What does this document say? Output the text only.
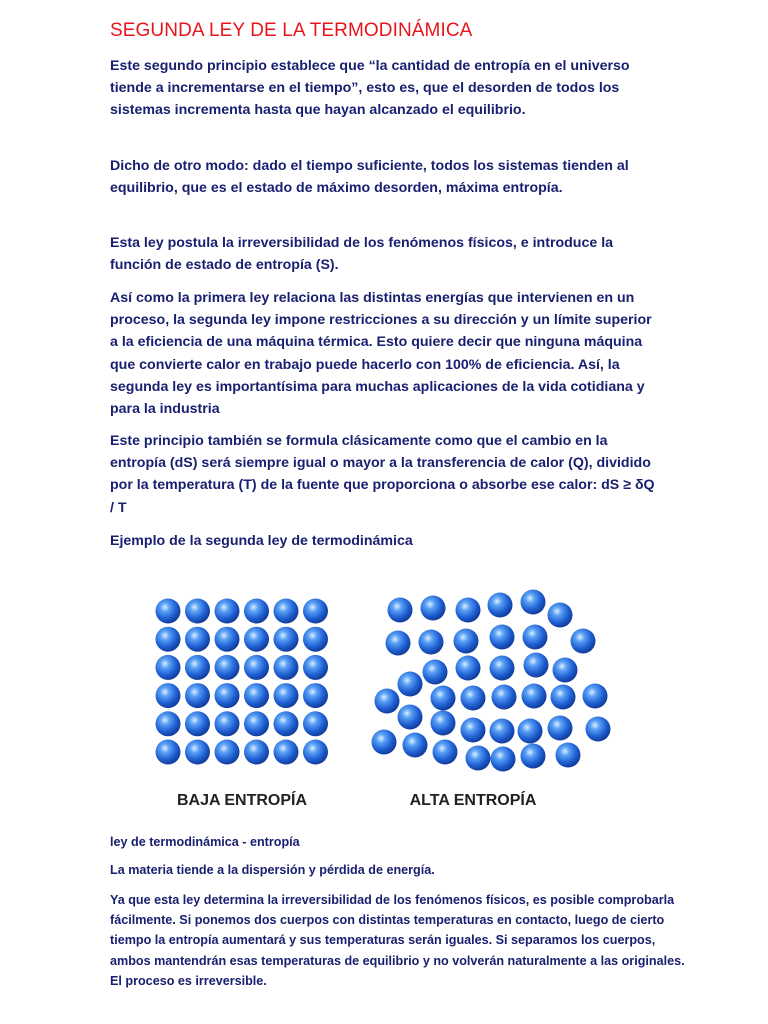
SEGUNDA LEY DE LA TERMODINÁMICA

Este segundo principio establece que “la cantidad de entropía en el universo tiende a incrementarse en el tiempo”, esto es, que el desorden de todos los sistemas incrementa hasta que hayan alcanzado el equilibrio.

Dicho de otro modo: dado el tiempo suficiente, todos los sistemas tienden al equilibrio, que es el estado de máximo desorden, máxima entropía.

Esta ley postula la irreversibilidad de los fenómenos físicos, e introduce la función de estado de entropía (S).

Así como la primera ley relaciona las distintas energías que intervienen en un proceso, la segunda ley impone restricciones a su dirección y un límite superior a la eficiencia de una máquina térmica. Esto quiere decir que ninguna máquina que convierte calor en trabajo puede hacerlo con 100% de eficiencia. Así, la segunda ley es importantísima para muchas aplicaciones de la vida cotidiana y para la industria

Este principio también se formula clásicamente como que el cambio en la entropía (dS) será siempre igual o mayor a la transferencia de calor (Q), dividido por la temperatura (T) de la fuente que proporciona o absorbe ese calor: dS ≥ δQ / T

Ejemplo de la segunda ley de termodinámica

BAJA ENTROPÍA	ALTA ENTROPÍA

ley de termodinámica - entropía

La materia tiende a la dispersión y pérdida de energía.

Ya que esta ley determina la irreversibilidad de los fenómenos físicos, es posible comprobarla fácilmente. Si ponemos dos cuerpos con distintas temperaturas en contacto, luego de cierto tiempo la entropía aumentará y sus temperaturas serán iguales. Si separamos los cuerpos, ambos mantendrán esas temperaturas de equilibrio y no volverán naturalmente a las originales. El proceso es irreversible.
